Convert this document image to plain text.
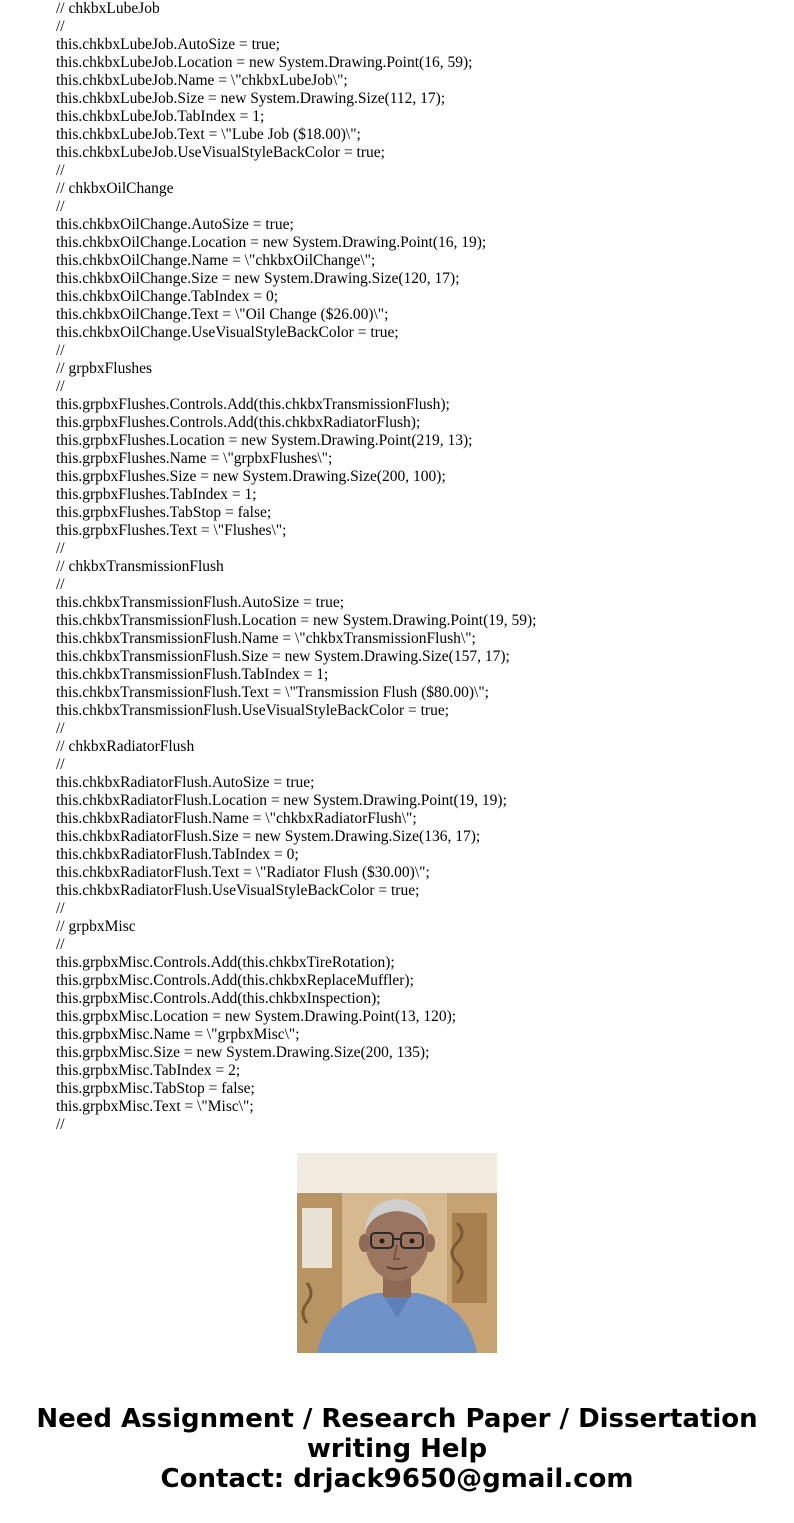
// chkbxLubeJob
//
this.chkbxLubeJob.AutoSize = true;
this.chkbxLubeJob.Location = new System.Drawing.Point(16, 59);
this.chkbxLubeJob.Name = \"chkbxLubeJob\";
this.chkbxLubeJob.Size = new System.Drawing.Size(112, 17);
this.chkbxLubeJob.TabIndex = 1;
this.chkbxLubeJob.Text = \"Lube Job ($18.00)\";
this.chkbxLubeJob.UseVisualStyleBackColor = true;
//
// chkbxOilChange
//
this.chkbxOilChange.AutoSize = true;
this.chkbxOilChange.Location = new System.Drawing.Point(16, 19);
this.chkbxOilChange.Name = \"chkbxOilChange\";
this.chkbxOilChange.Size = new System.Drawing.Size(120, 17);
this.chkbxOilChange.TabIndex = 0;
this.chkbxOilChange.Text = \"Oil Change ($26.00)\";
this.chkbxOilChange.UseVisualStyleBackColor = true;
//
// grpbxFlushes
//
this.grpbxFlushes.Controls.Add(this.chkbxTransmissionFlush);
this.grpbxFlushes.Controls.Add(this.chkbxRadiatorFlush);
this.grpbxFlushes.Location = new System.Drawing.Point(219, 13);
this.grpbxFlushes.Name = \"grpbxFlushes\";
this.grpbxFlushes.Size = new System.Drawing.Size(200, 100);
this.grpbxFlushes.TabIndex = 1;
this.grpbxFlushes.TabStop = false;
this.grpbxFlushes.Text = \"Flushes\";
//
// chkbxTransmissionFlush
//
this.chkbxTransmissionFlush.AutoSize = true;
this.chkbxTransmissionFlush.Location = new System.Drawing.Point(19, 59);
this.chkbxTransmissionFlush.Name = \"chkbxTransmissionFlush\";
this.chkbxTransmissionFlush.Size = new System.Drawing.Size(157, 17);
this.chkbxTransmissionFlush.TabIndex = 1;
this.chkbxTransmissionFlush.Text = \"Transmission Flush ($80.00)\";
this.chkbxTransmissionFlush.UseVisualStyleBackColor = true;
//
// chkbxRadiatorFlush
//
this.chkbxRadiatorFlush.AutoSize = true;
this.chkbxRadiatorFlush.Location = new System.Drawing.Point(19, 19);
this.chkbxRadiatorFlush.Name = \"chkbxRadiatorFlush\";
this.chkbxRadiatorFlush.Size = new System.Drawing.Size(136, 17);
this.chkbxRadiatorFlush.TabIndex = 0;
this.chkbxRadiatorFlush.Text = \"Radiator Flush ($30.00)\";
this.chkbxRadiatorFlush.UseVisualStyleBackColor = true;
//
// grpbxMisc
//
this.grpbxMisc.Controls.Add(this.chkbxTireRotation);
this.grpbxMisc.Controls.Add(this.chkbxReplaceMuffler);
this.grpbxMisc.Controls.Add(this.chkbxInspection);
this.grpbxMisc.Location = new System.Drawing.Point(13, 120);
this.grpbxMisc.Name = \"grpbxMisc\";
this.grpbxMisc.Size = new System.Drawing.Size(200, 135);
this.grpbxMisc.TabIndex = 2;
this.grpbxMisc.TabStop = false;
this.grpbxMisc.Text = \"Misc\";
//
Need Assignment / Research Paper / Dissertation
writing Help
Contact: drjack9650@gmail.com
